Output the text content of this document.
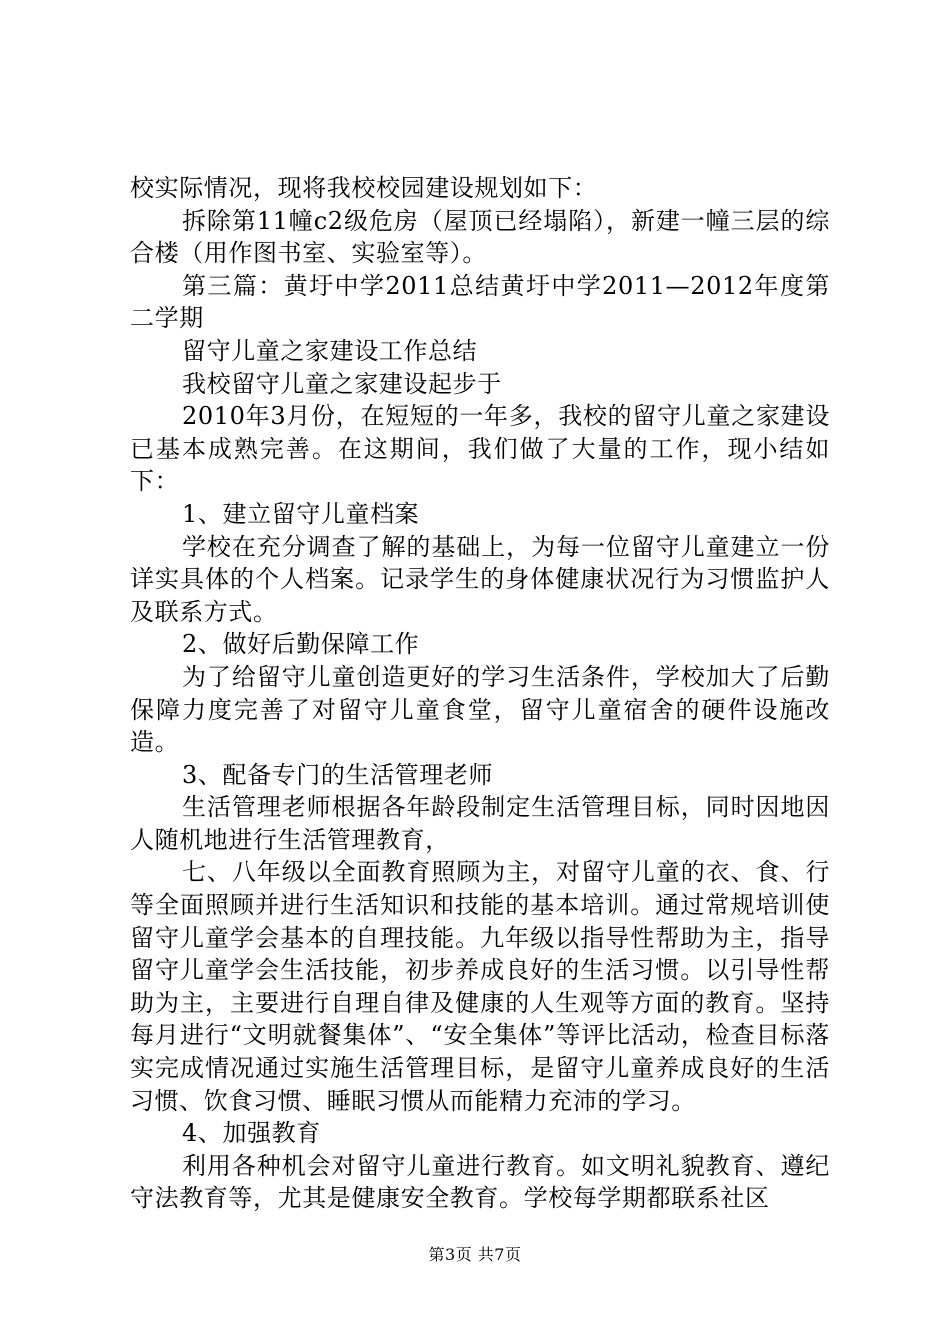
校实际情况，现将我校校园建设规划如下：

拆除第11幢c2级危房（屋顶已经塌陷），新建一幢三层的综合楼（用作图书室、实验室等）。

第三篇：黄圩中学2011总结黄圩中学2011—2012年度第二学期

留守儿童之家建设工作总结

我校留守儿童之家建设起步于

2010年3月份，在短短的一年多，我校的留守儿童之家建设已基本成熟完善。在这期间，我们做了大量的工作，现小结如下：

1、建立留守儿童档案

学校在充分调查了解的基础上，为每一位留守儿童建立一份详实具体的个人档案。记录学生的身体健康状况行为习惯监护人及联系方式。

2、做好后勤保障工作

为了给留守儿童创造更好的学习生活条件，学校加大了后勤保障力度完善了对留守儿童食堂，留守儿童宿舍的硬件设施改造。

3、配备专门的生活管理老师

生活管理老师根据各年龄段制定生活管理目标，同时因地因人随机地进行生活管理教育，

七、八年级以全面教育照顾为主，对留守儿童的衣、食、行等全面照顾并进行生活知识和技能的基本培训。通过常规培训使留守儿童学会基本的自理技能。九年级以指导性帮助为主，指导留守儿童学会生活技能，初步养成良好的生活习惯。以引导性帮助为主，主要进行自理自律及健康的人生观等方面的教育。坚持每月进行“文明就餐集体”、“安全集体”等评比活动，检查目标落实完成情况通过实施生活管理目标，是留守儿童养成良好的生活习惯、饮食习惯、睡眠习惯从而能精力充沛的学习。

4、加强教育

利用各种机会对留守儿童进行教育。如文明礼貌教育、遵纪守法教育等，尤其是健康安全教育。学校每学期都联系社区

第3页 共7页
